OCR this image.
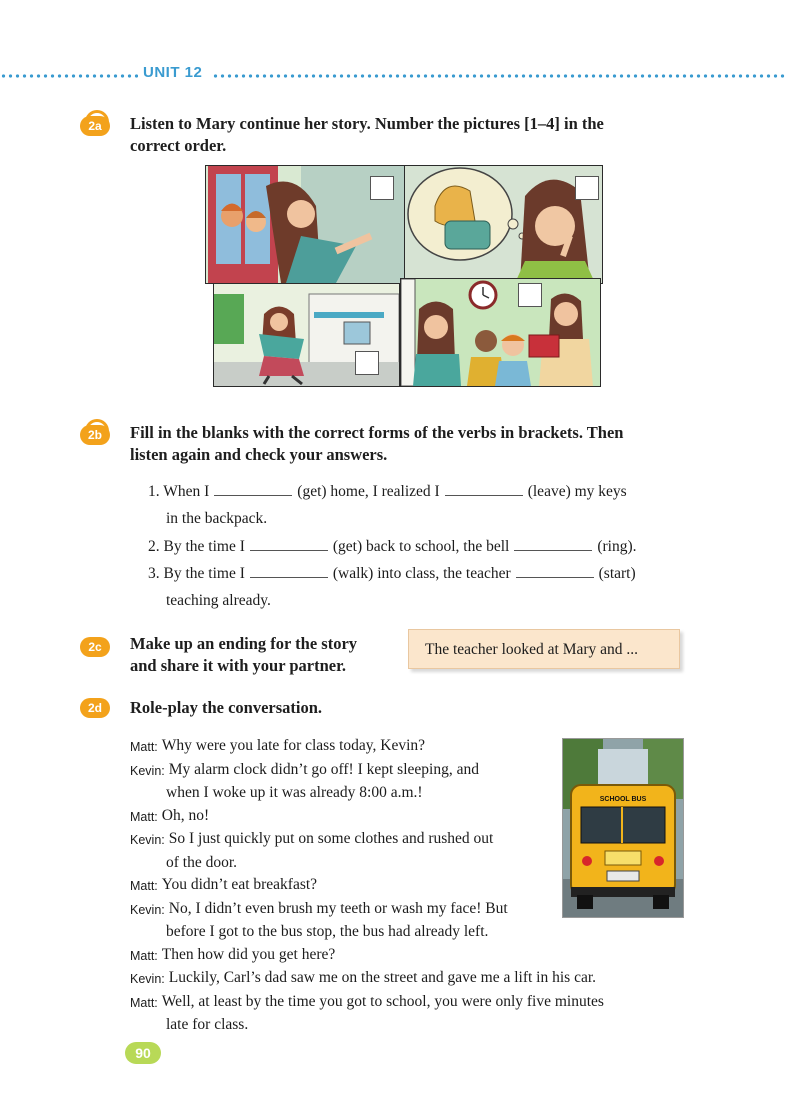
UNIT 12
2a	Listen to Mary continue her story. Number the pictures [1–4] in the
correct order.
2b	Fill in the blanks with the correct forms of the verbs in brackets. Then
listen again and check your answers.
1. When I	(get) home, I realized I	(leave) my keys
in the backpack.
2. By the time I	(get) back to school, the bell	(ring).
3. By the time I	(walk) into class, the teacher	(start)
teaching already.
2c	Make up an ending for the story
and share it with your partner.
The teacher looked at Mary and ...
2d	Role-play the conversation.
SCHOOL BUS
Matt: Why were you late for class today, Kevin?
Kevin: My alarm clock didn’t go off! I kept sleeping, and
when I woke up it was already 8:00 a.m.!
Matt: Oh, no!
Kevin: So I just quickly put on some clothes and rushed out
of the door.
Matt: You didn’t eat breakfast?
Kevin: No, I didn’t even brush my teeth or wash my face! But
before I got to the bus stop, the bus had already left.
Matt: Then how did you get here?
Kevin: Luckily, Carl’s dad saw me on the street and gave me a lift in his car.
Matt: Well, at least by the time you got to school, you were only five minutes
late for class.
90
